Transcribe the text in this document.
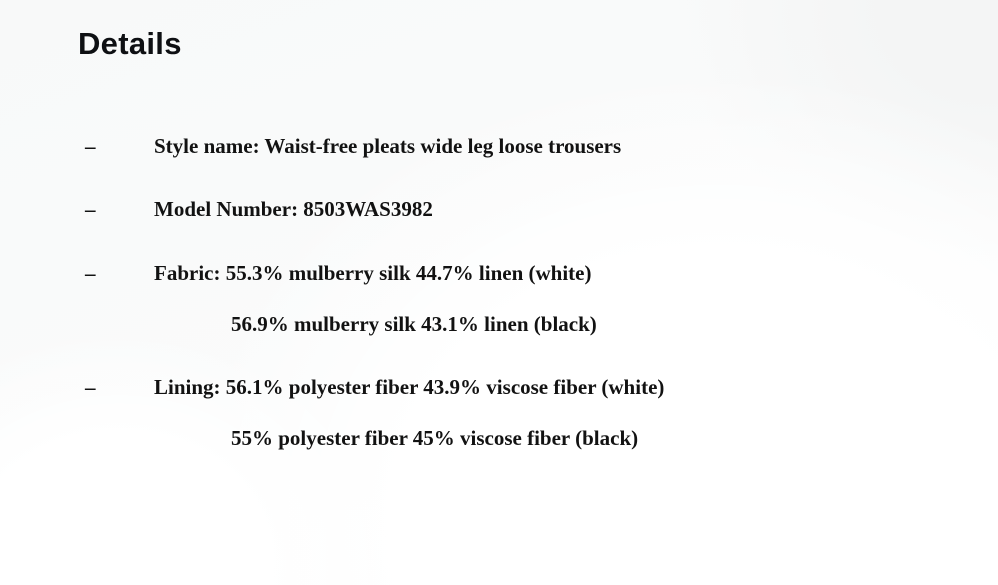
Details
–	Style name: Waist-free pleats wide leg loose trousers
–	Model Number: 8503WAS3982
–	Fabric: 55.3% mulberry silk 44.7% linen (white)
56.9% mulberry silk 43.1% linen (black)
–	Lining: 56.1% polyester fiber 43.9% viscose fiber (white)
55% polyester fiber 45% viscose fiber (black)
